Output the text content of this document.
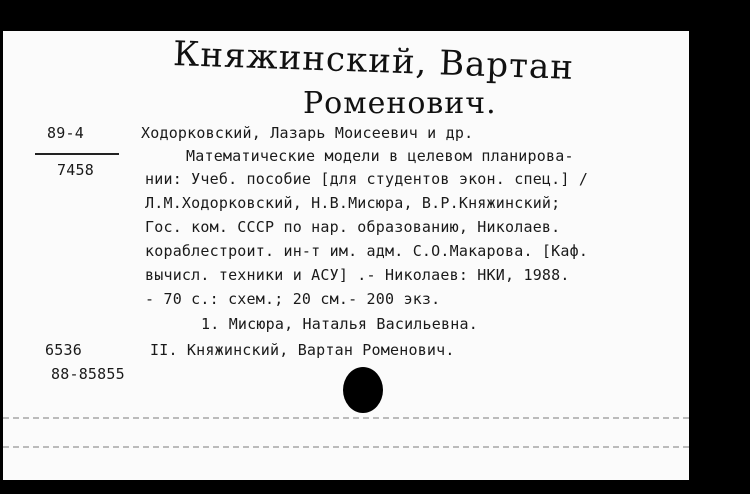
Княжинский, Вартан
Роменович.
89-4
7458
Ходорковский, Лазарь Моисеевич и др.
Математические модели в целевом планирова-
нии: Учеб. пособие [для студентов экон. спец.] /
Л.М.Ходорковский, Н.В.Мисюра, В.Р.Княжинский;
Гос. ком. СССР по нар. образованию, Николаев.
кораблестроит. ин-т им. адм. С.О.Макарова. [Каф.
вычисл. техники и АСУ] .- Николаев: НКИ, 1988.
- 70 с.: схем.; 20 см.- 200 экз.
1. Мисюра, Наталья Васильевна.
II. Княжинский, Вартан Роменович.
6536
88-85855
